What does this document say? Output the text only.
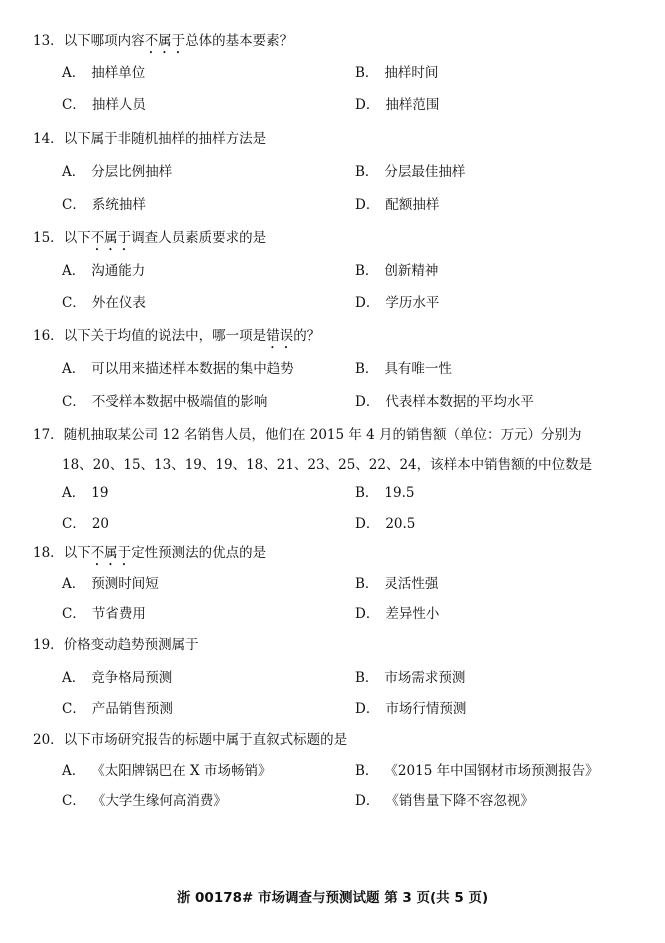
13．以下哪项内容不属于总体的基本要素？
A． 抽样单位	B． 抽样时间
C． 抽样人员	D． 抽样范围
14．以下属于非随机抽样的抽样方法是
A． 分层比例抽样	B． 分层最佳抽样
C． 系统抽样	D． 配额抽样
15．以下不属于调查人员素质要求的是
A． 沟通能力	B． 创新精神
C． 外在仪表	D． 学历水平
16．以下关于均值的说法中，哪一项是错误的？
A． 可以用来描述样本数据的集中趋势	B． 具有唯一性
C． 不受样本数据中极端值的影响	D． 代表样本数据的平均水平
17．随机抽取某公司 12 名销售人员，他们在 2015 年 4 月的销售额（单位：万元）分别为
18、20、15、13、19、19、18、21、23、25、22、24，该样本中销售额的中位数是
A． 19	B． 19.5
C． 20	D． 20.5
18．以下不属于定性预测法的优点的是
A． 预测时间短	B． 灵活性强
C． 节省费用	D． 差异性小
19．价格变动趋势预测属于
A． 竞争格局预测	B． 市场需求预测
C． 产品销售预测	D． 市场行情预测
20．以下市场研究报告的标题中属于直叙式标题的是
A． 《太阳牌锅巴在 X 市场畅销》	B． 《2015 年中国钢材市场预测报告》
C． 《大学生缘何高消费》	D． 《销售量下降不容忽视》
浙 00178# 市场调查与预测试题 第 3 页(共 5 页)
